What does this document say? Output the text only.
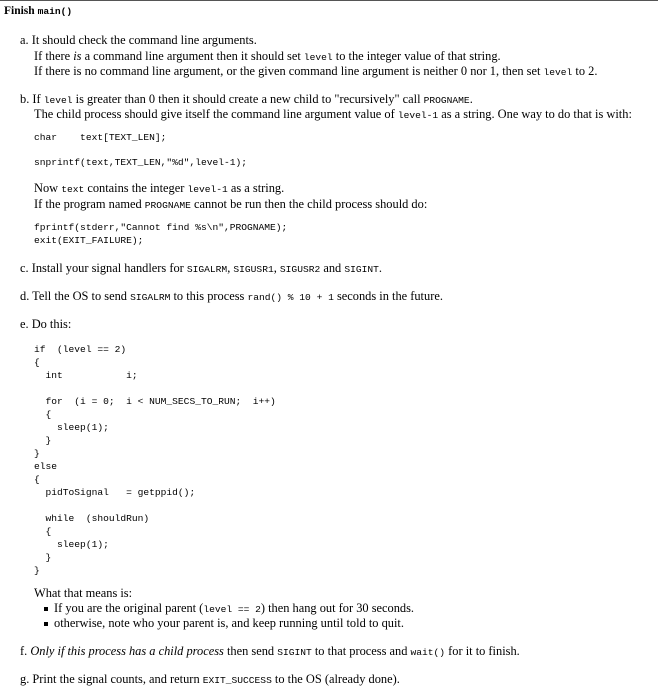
Finish main()
a. It should check the command line arguments.
If there is a command line argument then it should set level to the integer value of that string.
If there is no command line argument, or the given command line argument is neither 0 nor 1, then set level to 2.
b. If level is greater than 0 then it should create a new child to "recursively" call PROGNAME.
The child process should give itself the command line argument value of level-1 as a string. One way to do that is with:
char    text[TEXT_LEN];
snprintf(text,TEXT_LEN,"%d",level-1);
Now text contains the integer level-1 as a string.
If the program named PROGNAME cannot be run then the child process should do:
fprintf(stderr,"Cannot find %s\n",PROGNAME);
exit(EXIT_FAILURE);
c. Install your signal handlers for SIGALRM, SIGUSR1, SIGUSR2 and SIGINT.
d. Tell the OS to send SIGALRM to this process rand() % 10 + 1 seconds in the future.
e. Do this:
if  (level == 2)
{
int           i;
for  (i = 0;  i < NUM_SECS_TO_RUN;  i++)
{
sleep(1);
}
}
else
{
pidToSignal   = getppid();
while  (shouldRun)
{
sleep(1);
}
}
What that means is:
If you are the original parent (level == 2) then hang out for 30 seconds.
otherwise, note who your parent is, and keep running until told to quit.
f. Only if this process has a child process then send SIGINT to that process and wait() for it to finish.
g. Print the signal counts, and return EXIT_SUCCESS to the OS (already done).
